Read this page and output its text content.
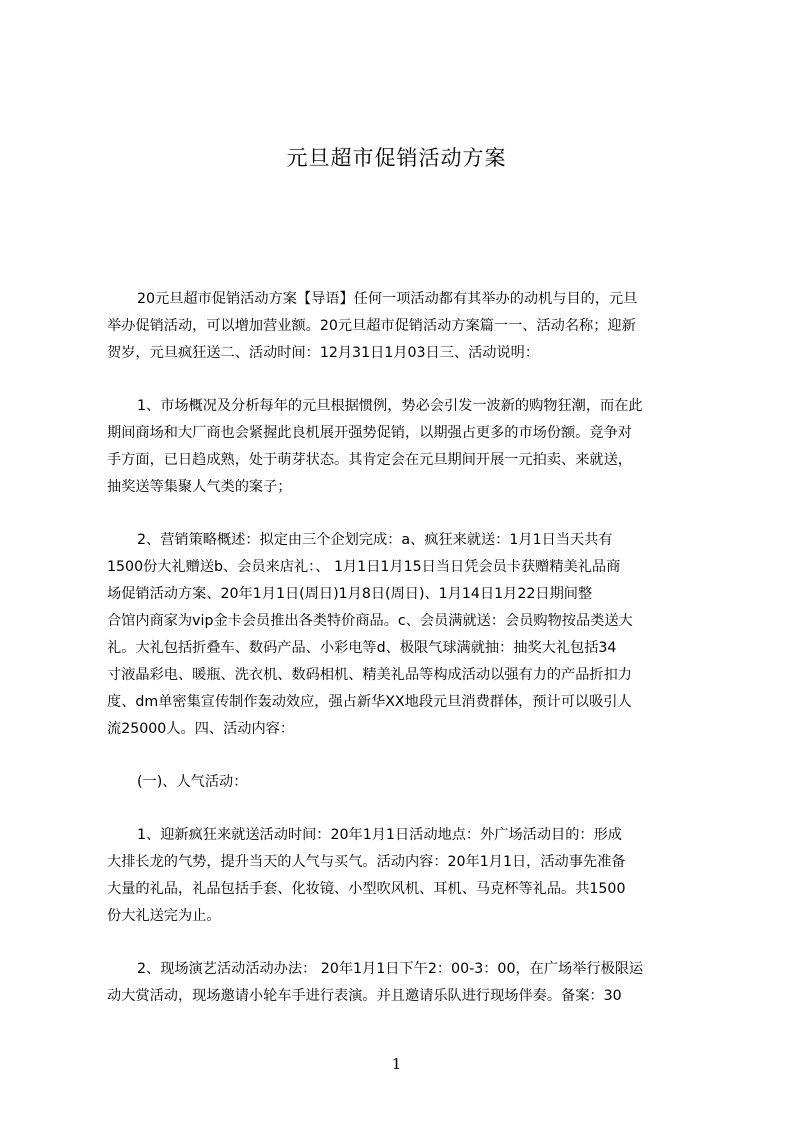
元旦超市促销活动方案
20元旦超市促销活动方案【导语】任何一项活动都有其举办的动机与目的，元旦
举办促销活动，可以增加营业额。20元旦超市促销活动方案篇一一、活动名称；迎新
贺岁，元旦疯狂送二、活动时间：12月31日1月03日三、活动说明：
1、市场概况及分析每年的元旦根据惯例，势必会引发一波新的购物狂潮，而在此
期间商场和大厂商也会紧握此良机展开强势促销，以期强占更多的市场份额。竞争对
手方面，已日趋成熟，处于萌芽状态。其肯定会在元旦期间开展一元拍卖、来就送，
抽奖送等集聚人气类的案子；
2、营销策略概述：拟定由三个企划完成：a、疯狂来就送：1月1日当天共有
1500份大礼赠送b、会员来店礼：、 1月1日1月15日当日凭会员卡获赠精美礼品商
场促销活动方案、20年1月1日(周日)1月8日(周日)、1月14日1月22日期间整
合馆内商家为vip金卡会员推出各类特价商品。c、会员满就送：会员购物按品类送大
礼。大礼包括折叠车、数码产品、小彩电等d、极限气球满就抽：抽奖大礼包括34
寸液晶彩电、暖瓶、洗衣机、数码相机、精美礼品等构成活动以强有力的产品折扣力
度、dm单密集宣传制作轰动效应，强占新华XX地段元旦消费群体，预计可以吸引人
流25000人。四、活动内容：
(一)、人气活动：
1、迎新疯狂来就送活动时间：20年1月1日活动地点：外广场活动目的：形成
大排长龙的气势，提升当天的人气与买气。活动内容：20年1月1日，活动事先准备
大量的礼品，礼品包括手套、化妆镜、小型吹风机、耳机、马克杯等礼品。共1500
份大礼送完为止。
2、现场演艺活动活动办法： 20年1月1日下午2：00-3：00，在广场举行极限运
动大赏活动，现场邀请小轮车手进行表演。并且邀请乐队进行现场伴奏。备案：30
1
